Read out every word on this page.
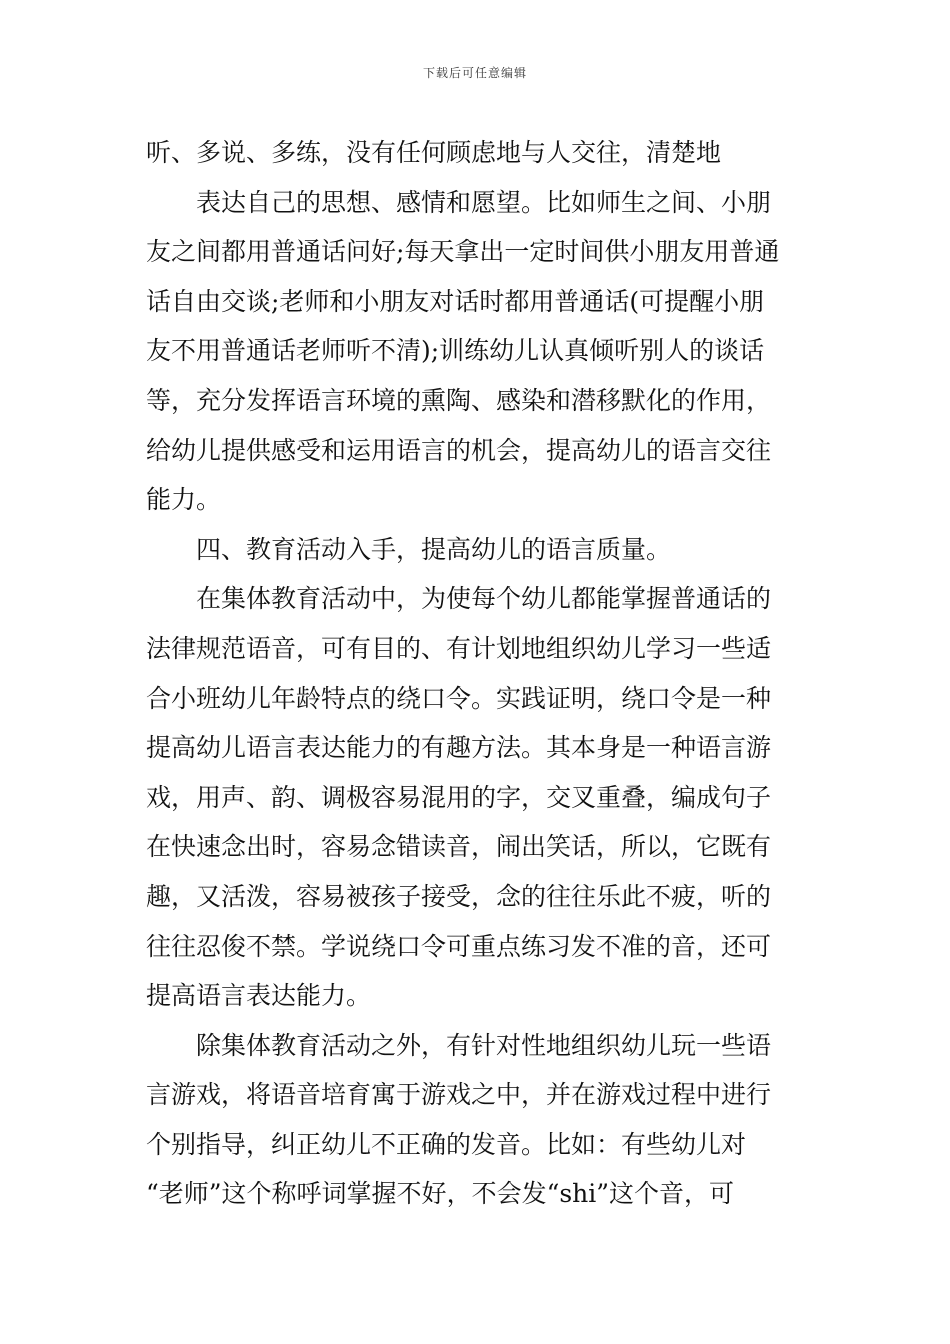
下载后可任意编辑
听、多说、多练，没有任何顾虑地与人交往，清楚地
表达自己的思想、感情和愿望。比如师生之间、小朋
友之间都用普通话问好;每天拿出一定时间供小朋友用普通
话自由交谈;老师和小朋友对话时都用普通话(可提醒小朋
友不用普通话老师听不清);训练幼儿认真倾听别人的谈话
等，充分发挥语言环境的熏陶、感染和潜移默化的作用，
给幼儿提供感受和运用语言的机会，提高幼儿的语言交往
能力。
四、教育活动入手，提高幼儿的语言质量。
在集体教育活动中，为使每个幼儿都能掌握普通话的
法律规范语音，可有目的、有计划地组织幼儿学习一些适
合小班幼儿年龄特点的绕口令。实践证明，绕口令是一种
提高幼儿语言表达能力的有趣方法。其本身是一种语言游
戏，用声、韵、调极容易混用的字，交叉重叠，编成句子
在快速念出时，容易念错读音，闹出笑话，所以，它既有
趣，又活泼，容易被孩子接受，念的往往乐此不疲，听的
往往忍俊不禁。学说绕口令可重点练习发不准的音，还可
提高语言表达能力。
除集体教育活动之外，有针对性地组织幼儿玩一些语
言游戏，将语音培育寓于游戏之中，并在游戏过程中进行
个别指导，纠正幼儿不正确的发音。比如：有些幼儿对
“老师”这个称呼词掌握不好，不会发“shi”这个音，可
